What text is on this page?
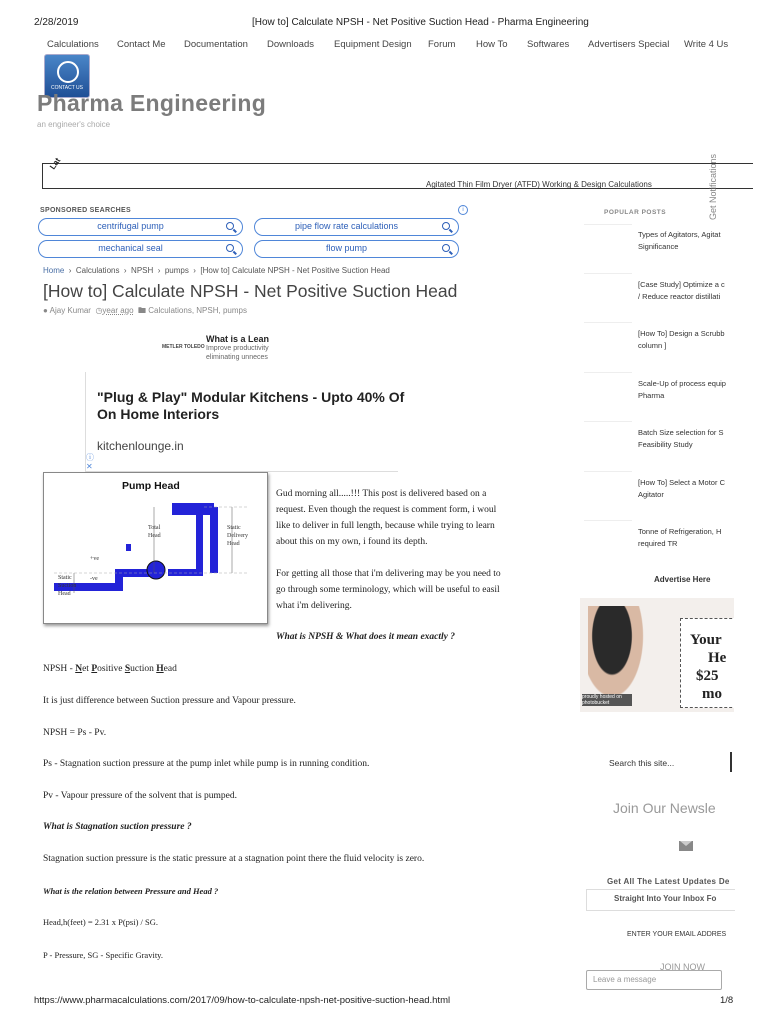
2/28/2019	[How to] Calculate NPSH - Net Positive Suction Head - Pharma Engineering
Calculations Contact Me Documentation Downloads Equipment Design Forum How To Softwares Advertisers Special Write 4 Us
CONTACT US
Pharma Engineering
an engineer's choice
Lat
Agitated Thin Film Dryer (ATFD) Working & Design Calculations	Get Notifications
SPONSORED SEARCHES	i
centrifugal pump	pipe flow rate calculations
mechanical seal	flow pump
Home  ›  Calculations  ›  NPSH  ›  pumps  ›  [How to] Calculate NPSH - Net Positive Suction Head
[How to] Calculate NPSH - Net Positive Suction Head
● Ajay Kumar ◷year ago 🖿 Calculations, NPSH, pumps
METLER TOLEDO
What is a Lean
Improve productivity
eliminating unneces
"Plug & Play" Modular Kitchens - Upto 40% Of On Home Interiors
kitchenlounge.in
ⓘ
✕
Pump Head
Total
Head
Static
Delivery
Head
Static
Suction
Head
+ve
-ve
Gud morning all.....!!! This post is delivered based on a
request. Even though the request is comment form, i woul
like to deliver in full length, because while trying to learn
about this on my own, i found its depth.
For getting all those that i'm delivering may be you need to
go through some terminology, which will be useful to easil
what i'm delivering.
What is NPSH & What does it mean exactly ?
NPSH - Net Positive Suction Head
It is just difference between Suction pressure and Vapour pressure.
NPSH = Ps - Pv.
Ps - Stagnation suction pressure at the pump inlet while pump is in running condition.
Pv - Vapour pressure of the solvent that is pumped.
What is Stagnation suction pressure ?
Stagnation suction pressure is the static pressure at a stagnation point there the fluid velocity is zero.
What is the relation between Pressure and Head ?
Head,h(feet) = 2.31 x P(psi) / SG.
P - Pressure, SG - Specific Gravity.
POPULAR POSTS
Types of Agitators, Agitat
Significance
[Case Study] Optimize a c
/ Reduce reactor distillati
[How To] Design a Scrubb
column ]
Scale-Up of process equip
Pharma
Batch Size selection for S
Feasibility Study
[How To] Select a Motor C
Agitator
Tonne of Refrigeration, H
required TR
Advertise Here
Your
He
$25
mo
proudly hosted on photobucket
Search this site...
Join Our Newsle
Get All The Latest Updates De
Straight Into Your Inbox Fo
ENTER YOUR EMAIL ADDRES
JOIN NOW
Leave a message
https://www.pharmacalculations.com/2017/09/how-to-calculate-npsh-net-positive-suction-head.html	1/8
